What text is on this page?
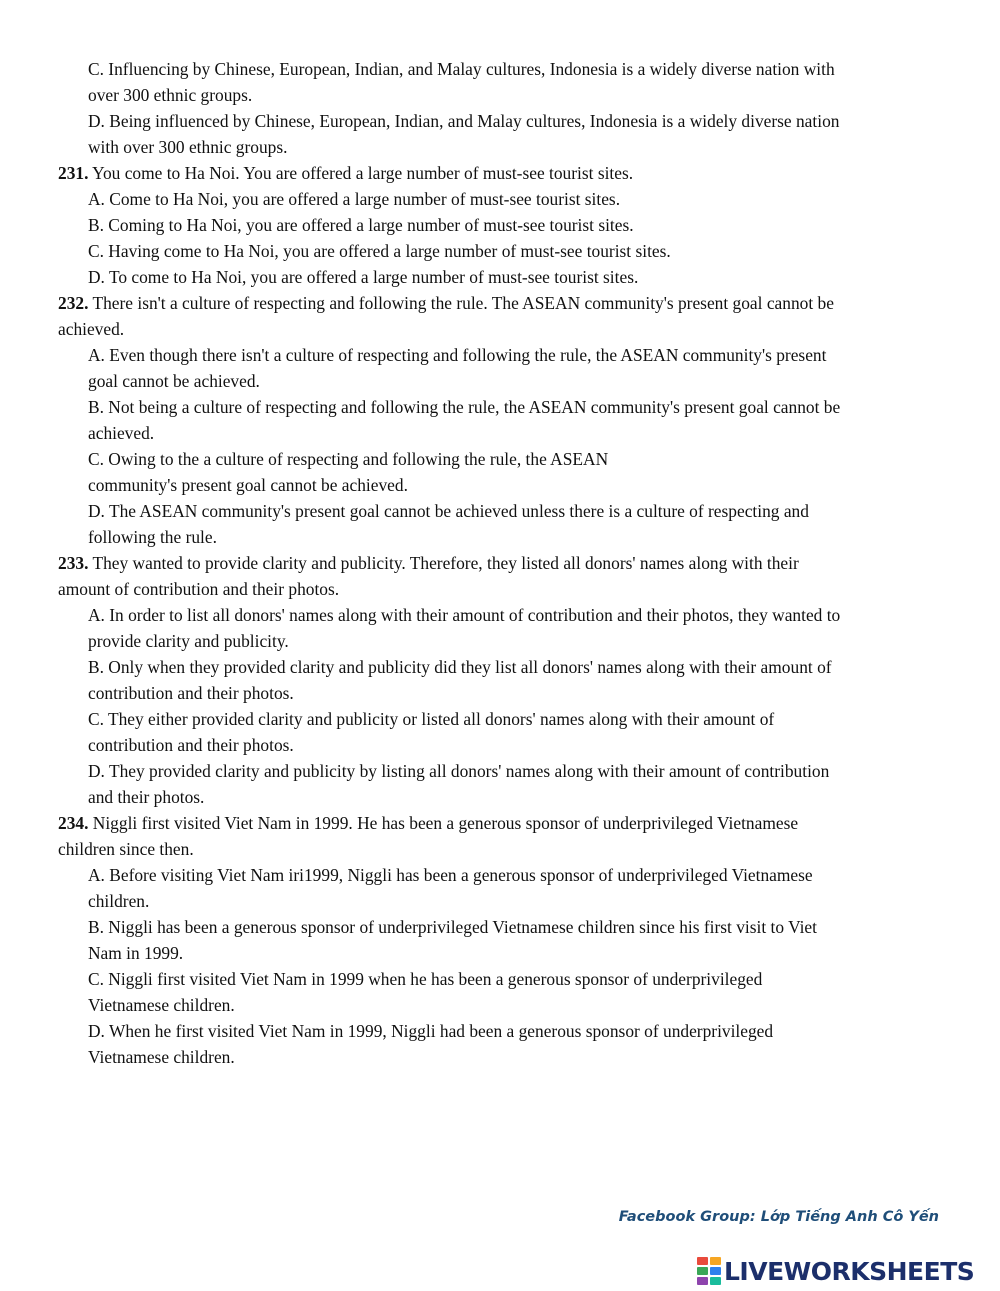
C. Influencing by Chinese, European, Indian, and Malay cultures, Indonesia is a widely diverse nation with
over 300 ethnic groups.
D. Being influenced by Chinese, European, Indian, and Malay cultures, Indonesia is a widely diverse nation
with over 300 ethnic groups.
231. You come to Ha Noi. You are offered a large number of must-see tourist sites.
A. Come to Ha Noi, you are offered a large number of must-see tourist sites.
B. Coming to Ha Noi, you are offered a large number of must-see tourist sites.
C. Having come to Ha Noi, you are offered a large number of must-see tourist sites.
D. To come to Ha Noi, you are offered a large number of must-see tourist sites.
232. There isn't a culture of respecting and following the rule. The ASEAN community's present goal cannot be
achieved.
A. Even though there isn't a culture of respecting and following the rule, the ASEAN community's present
goal cannot be achieved.
B. Not being a culture of respecting and following the rule, the ASEAN community's present goal cannot be
achieved.
C. Owing to the a culture of respecting and following the rule, the ASEAN
community's present goal cannot be achieved.
D. The ASEAN community's present goal cannot be achieved unless there is a culture of respecting and
following the rule.
233. They wanted to provide clarity and publicity. Therefore, they listed all donors' names along with their
amount of contribution and their photos.
A. In order to list all donors' names along with their amount of contribution and their photos, they wanted to
provide clarity and publicity.
B. Only when they provided clarity and publicity did they list all donors' names along with their amount of
contribution and their photos.
C. They either provided clarity and publicity or listed all donors' names along with their amount of
contribution and their photos.
D. They provided clarity and publicity by listing all donors' names along with their amount of contribution
and their photos.
234. Niggli first visited Viet Nam in 1999. He has been a generous sponsor of underprivileged Vietnamese
children since then.
A. Before visiting Viet Nam iri1999, Niggli has been a generous sponsor of underprivileged Vietnamese
children.
B. Niggli has been a generous sponsor of underprivileged Vietnamese children since his first visit to Viet
Nam in 1999.
C. Niggli first visited Viet Nam in 1999 when he has been a generous sponsor of underprivileged
Vietnamese children.
D. When he first visited Viet Nam in 1999, Niggli had been a generous sponsor of underprivileged
Vietnamese children.
Facebook Group: Lớp Tiếng Anh Cô Yến
LIVEWORKSHEETS
